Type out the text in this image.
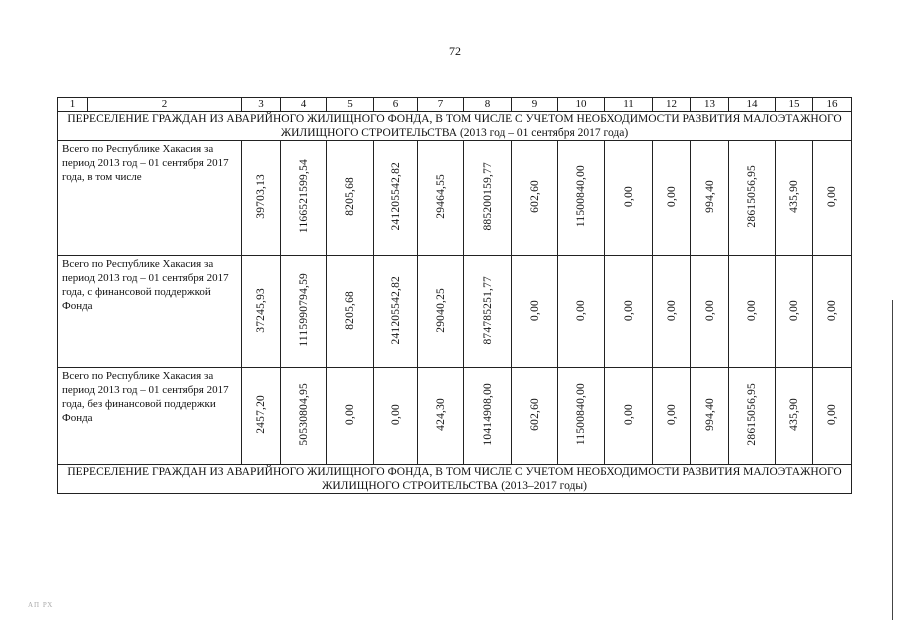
72
1	2	3	4	5	6	7	8	9	10	11	12	13	14	15	16
ПЕРЕСЕЛЕНИЕ ГРАЖДАН ИЗ АВАРИЙНОГО ЖИЛИЩНОГО ФОНДА, В ТОМ ЧИСЛЕ С УЧЕТОМ НЕОБХОДИМОСТИ РАЗВИТИЯ МАЛОЭТАЖНОГО ЖИЛИЩНОГО СТРОИТЕЛЬСТВА (2013 год – 01 сентября 2017 года)															
Всего по Республике Хакасия за период 2013 год – 01 сентября 2017 года, в том числе		39703,13	1166521599,54	8205,68	241205542,82	29464,55	885200159,77	602,60	11500840,00	0,00	0,00	994,40	28615056,95	435,90	0,00
Всего по Республике Хакасия за период 2013 год – 01 сентября 2017 года, с финансовой поддержкой Фонда		37245,93	1115990794,59	8205,68	241205542,82	29040,25	874785251,77	0,00	0,00	0,00	0,00	0,00	0,00	0,00	0,00
Всего по Республике Хакасия за период 2013 год – 01 сентября 2017 года, без финансовой поддержки Фонда		2457,20	50530804,95	0,00	0,00	424,30	10414908,00	602,60	11500840,00	0,00	0,00	994,40	28615056,95	435,90	0,00
ПЕРЕСЕЛЕНИЕ ГРАЖДАН ИЗ АВАРИЙНОГО ЖИЛИЩНОГО ФОНДА, В ТОМ ЧИСЛЕ С УЧЕТОМ НЕОБХОДИМОСТИ РАЗВИТИЯ МАЛОЭТАЖНОГО ЖИЛИЩНОГО СТРОИТЕЛЬСТВА (2013–2017 годы)															
АП РХ
